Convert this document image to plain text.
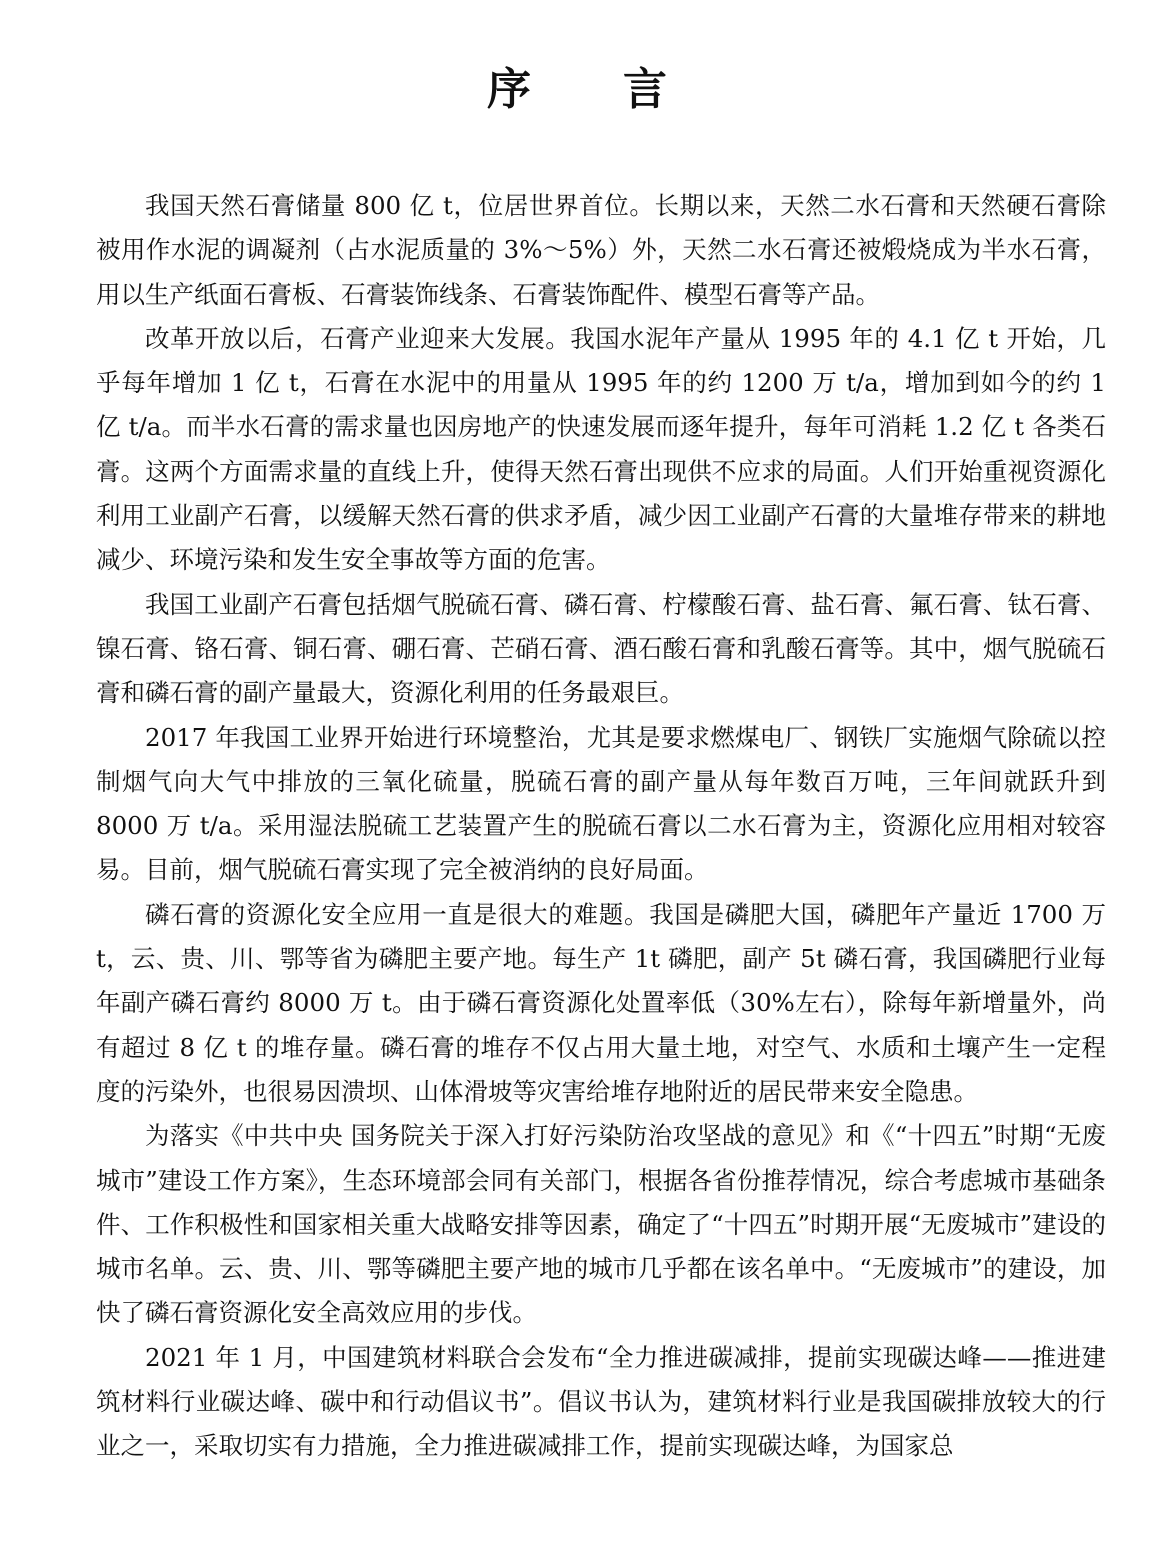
序 言

我国天然石膏储量 800 亿 t，位居世界首位。长期以来，天然二水石膏和天然硬石膏除被用作水泥的调凝剂（占水泥质量的 3%～5%）外，天然二水石膏还被煅烧成为半水石膏，用以生产纸面石膏板、石膏装饰线条、石膏装饰配件、模型石膏等产品。

改革开放以后，石膏产业迎来大发展。我国水泥年产量从 1995 年的 4.1 亿 t 开始，几乎每年增加 1 亿 t，石膏在水泥中的用量从 1995 年的约 1200 万 t/a，增加到如今的约 1 亿 t/a。而半水石膏的需求量也因房地产的快速发展而逐年提升，每年可消耗 1.2 亿 t 各类石膏。这两个方面需求量的直线上升，使得天然石膏出现供不应求的局面。人们开始重视资源化利用工业副产石膏，以缓解天然石膏的供求矛盾，减少因工业副产石膏的大量堆存带来的耕地减少、环境污染和发生安全事故等方面的危害。

我国工业副产石膏包括烟气脱硫石膏、磷石膏、柠檬酸石膏、盐石膏、氟石膏、钛石膏、镍石膏、铬石膏、铜石膏、硼石膏、芒硝石膏、酒石酸石膏和乳酸石膏等。其中，烟气脱硫石膏和磷石膏的副产量最大，资源化利用的任务最艰巨。

2017 年我国工业界开始进行环境整治，尤其是要求燃煤电厂、钢铁厂实施烟气除硫以控制烟气向大气中排放的三氧化硫量，脱硫石膏的副产量从每年数百万吨，三年间就跃升到 8000 万 t/a。采用湿法脱硫工艺装置产生的脱硫石膏以二水石膏为主，资源化应用相对较容易。目前，烟气脱硫石膏实现了完全被消纳的良好局面。

磷石膏的资源化安全应用一直是很大的难题。我国是磷肥大国，磷肥年产量近 1700 万 t，云、贵、川、鄂等省为磷肥主要产地。每生产 1t 磷肥，副产 5t 磷石膏，我国磷肥行业每年副产磷石膏约 8000 万 t。由于磷石膏资源化处置率低（30%左右），除每年新增量外，尚有超过 8 亿 t 的堆存量。磷石膏的堆存不仅占用大量土地，对空气、水质和土壤产生一定程度的污染外，也很易因溃坝、山体滑坡等灾害给堆存地附近的居民带来安全隐患。

为落实《中共中央 国务院关于深入打好污染防治攻坚战的意见》和《“十四五”时期“无废城市”建设工作方案》，生态环境部会同有关部门，根据各省份推荐情况，综合考虑城市基础条件、工作积极性和国家相关重大战略安排等因素，确定了“十四五”时期开展“无废城市”建设的城市名单。云、贵、川、鄂等磷肥主要产地的城市几乎都在该名单中。“无废城市”的建设，加快了磷石膏资源化安全高效应用的步伐。

2021 年 1 月，中国建筑材料联合会发布“全力推进碳减排，提前实现碳达峰——推进建筑材料行业碳达峰、碳中和行动倡议书”。倡议书认为，建筑材料行业是我国碳排放较大的行业之一，采取切实有力措施，全力推进碳减排工作，提前实现碳达峰，为国家总
